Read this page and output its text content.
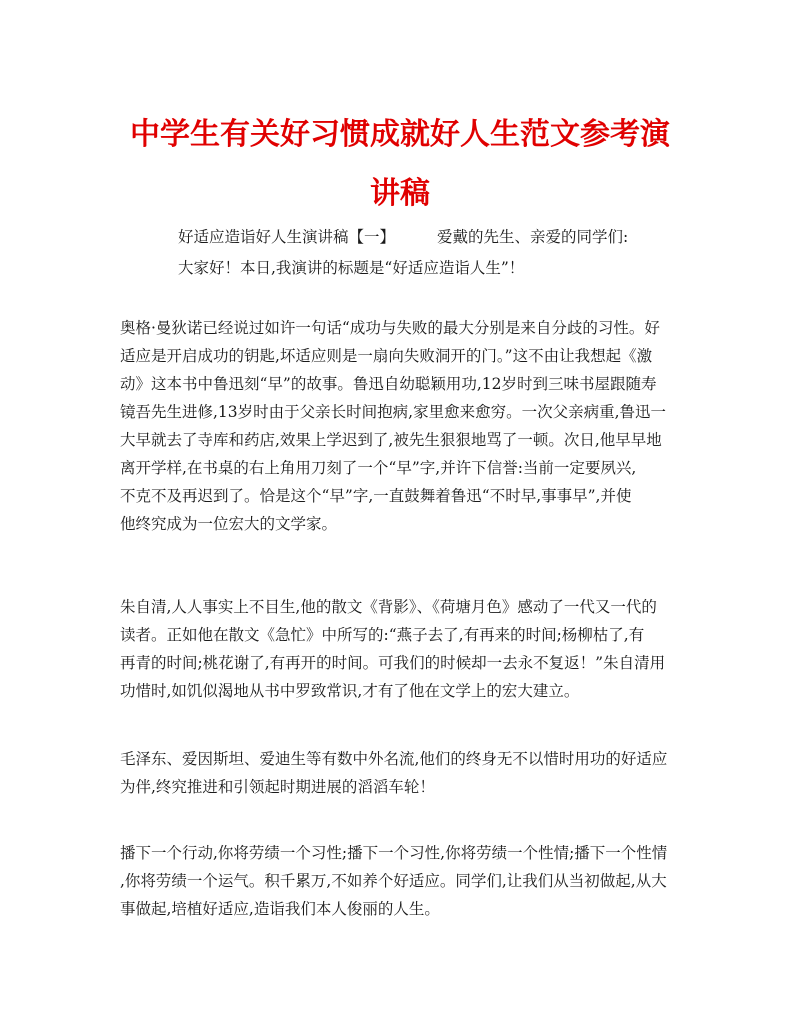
中学生有关好习惯成就好人生范文参考演
讲稿

好适应造诣好人生演讲稿【一】	爱戴的先生、亲爱的同学们:

大家好！本日,我演讲的标题是“好适应造诣人生”！

奥格·曼狄诺已经说过如许一句话“成功与失败的最大分别是来自分歧的习性。好
适应是开启成功的钥匙,坏适应则是一扇向失败洞开的门。”这不由让我想起《激
动》这本书中鲁迅刻“早”的故事。鲁迅自幼聪颖用功,12岁时到三味书屋跟随寿
镜吾先生进修,13岁时由于父亲长时间抱病,家里愈来愈穷。一次父亲病重,鲁迅一
大早就去了寺库和药店,效果上学迟到了,被先生狠狠地骂了一顿。次日,他早早地
离开学样,在书桌的右上角用刀刻了一个“早”字,并许下信誉:当前一定要夙兴,
不克不及再迟到了。恰是这个“早”字,一直鼓舞着鲁迅“不时早,事事早”,并使
他终究成为一位宏大的文学家。

朱自清,人人事实上不目生,他的散文《背影》、《荷塘月色》感动了一代又一代的
读者。正如他在散文《急忙》中所写的:“燕子去了,有再来的时间;杨柳枯了,有
再青的时间;桃花谢了,有再开的时间。可我们的时候却一去永不复返！”朱自清用
功惜时,如饥似渴地从书中罗致常识,才有了他在文学上的宏大建立。

毛泽东、爱因斯坦、爱迪生等有数中外名流,他们的终身无不以惜时用功的好适应
为伴,终究推进和引领起时期进展的滔滔车轮！

播下一个行动,你将劳绩一个习性;播下一个习性,你将劳绩一个性情;播下一个性情
,你将劳绩一个运气。积千累万,不如养个好适应。同学们,让我们从当初做起,从大
事做起,培植好适应,造诣我们本人俊丽的人生。
